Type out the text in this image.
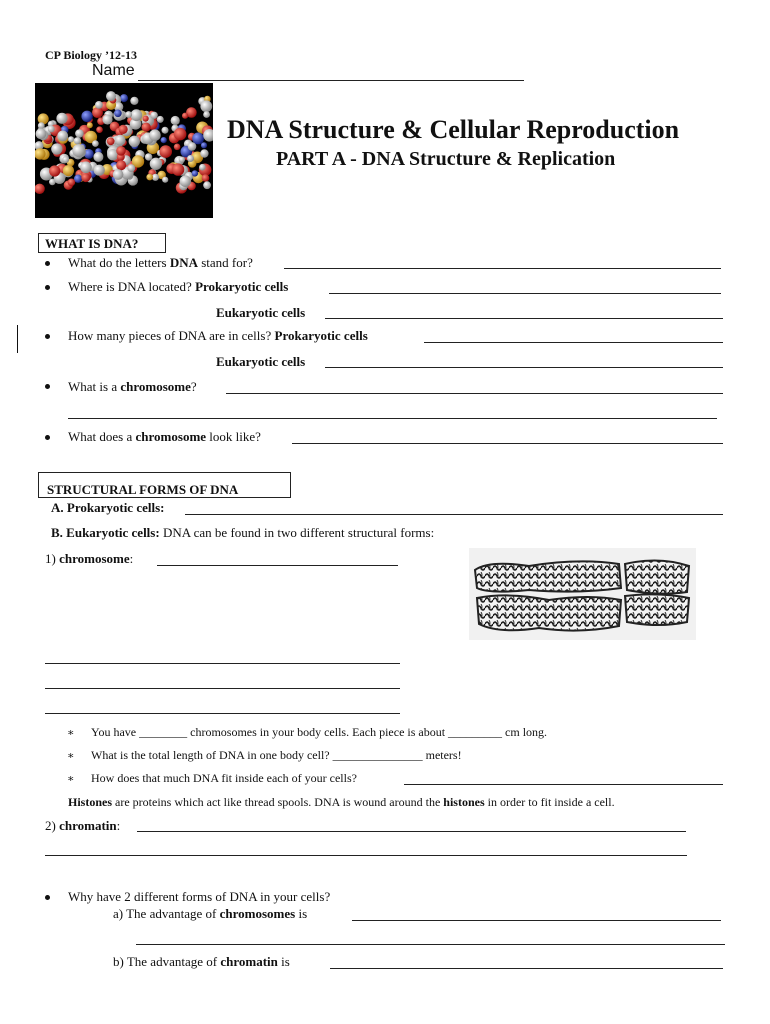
CP Biology ’12-13
Name
DNA Structure & Cellular Reproduction
PART A - DNA Structure & Replication
WHAT IS DNA?
What do the letters DNA stand for?
Where is DNA located? Prokaryotic cells
Eukaryotic cells
How many pieces of DNA are in cells? Prokaryotic cells
Eukaryotic cells
What is a chromosome?
What does a chromosome look like?
STRUCTURAL FORMS OF DNA
A. Prokaryotic cells:
B. Eukaryotic cells: DNA can be found in two different structural forms:
1) chromosome:
∗ You have ________ chromosomes in your body cells. Each piece is about _________ cm long.
∗ What is the total length of DNA in one body cell? _______________ meters!
∗ How does that much DNA fit inside each of your cells?
Histones are proteins which act like thread spools. DNA is wound around the histones in order to fit inside a cell.
2) chromatin:
Why have 2 different forms of DNA in your cells?
a) The advantage of chromosomes is
b) The advantage of chromatin is
